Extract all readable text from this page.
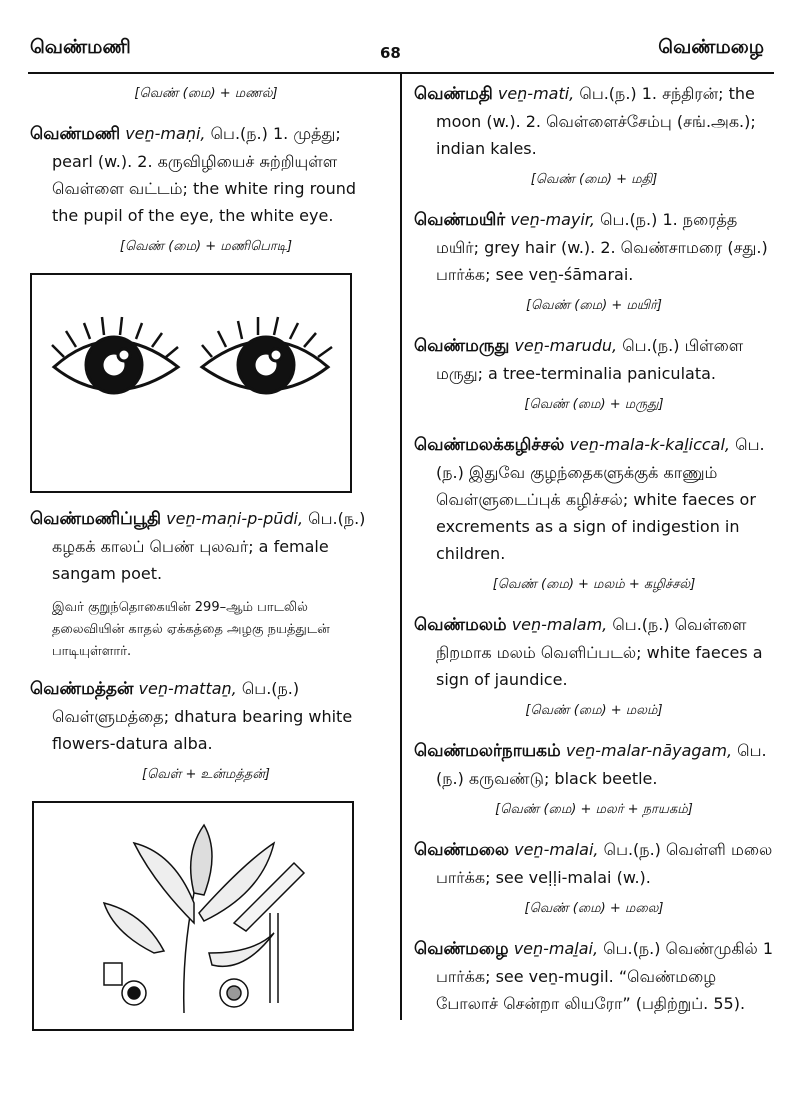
வெண்மணி	68	வெண்மழை
[வெண் (மை) + மணல்]
வெண்மணி veṉ-maṇi, பெ.(ந.) 1. முத்து; pearl (w.). 2. கருவிழியைச் சுற்றியுள்ள வெள்ளை வட்டம்; the white ring round the pupil of the eye, the white eye.
[வெண் (மை) + மணிபொடி]
வெண்மணிப்பூதி veṉ-maṇi-p-pūdi, பெ.(ந.) கழகக் காலப் பெண் புலவர்; a female sangam poet.
இவர் குறுந்தொகையின் 299–ஆம் பாடலில் தலைவியின் காதல் ஏக்கத்தை அழகு நயத்துடன் பாடியுள்ளார்.
வெண்மத்தன் veṉ-mattaṉ, பெ.(ந.) வெள்ளுமத்தை; dhatura bearing white flowers-datura alba.
[வெள் + உன்மத்தன்]
வெண்மதி veṉ-mati, பெ.(ந.) 1. சந்திரன்; the moon (w.). 2. வெள்ளைச்சேம்பு (சங்.அக.); indian kales.
[வெண் (மை) + மதி]
வெண்மயிர் veṉ-mayir, பெ.(ந.) 1. நரைத்த மயிர்; grey hair (w.). 2. வெண்சாமரை (சது.) பார்க்க; see veṉ-śāmarai.
[வெண் (மை) + மயிர்]
வெண்மருது veṉ-marudu, பெ.(ந.) பிள்ளை மருது; a tree-terminalia paniculata.
[வெண் (மை) + மருது]
வெண்மலக்கழிச்சல் veṉ-mala-k-kaḻiccal, பெ.(ந.) இதுவே குழந்தைகளுக்குக் காணும் வெள்ளுடைப்புக் கழிச்சல்; white faeces or excrements as a sign of indigestion in children.
[வெண் (மை) + மலம் + கழிச்சல்]
வெண்மலம் veṉ-malam, பெ.(ந.) வெள்ளை நிறமாக மலம் வெளிப்படல்; white faeces a sign of jaundice.
[வெண் (மை) + மலம்]
வெண்மலர்நாயகம் veṉ-malar-nāyagam, பெ.(ந.) கருவண்டு; black beetle.
[வெண் (மை) + மலர் + நாயகம்]
வெண்மலை veṉ-malai, பெ.(ந.) வெள்ளி மலை பார்க்க; see veḷḷi-malai (w.).
[வெண் (மை) + மலை]
வெண்மழை veṉ-maḻai, பெ.(ந.) வெண்முகில் 1 பார்க்க; see veṉ-mugil. “வெண்மழை போலாச் சென்றா லியரோ” (பதிற்றுப். 55).
